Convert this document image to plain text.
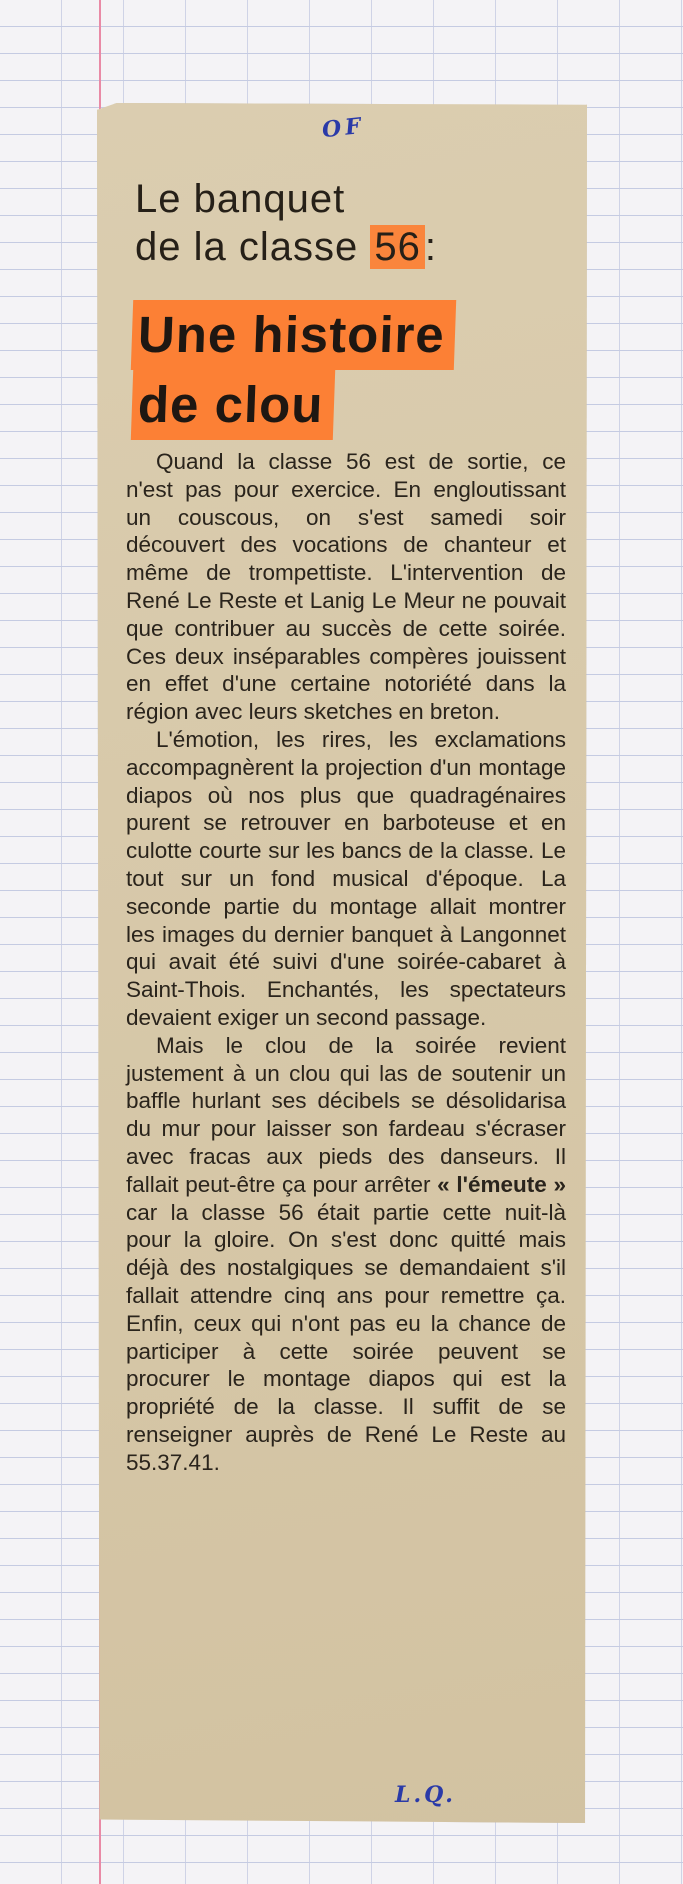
OF
Le banquet
de la classe 56 :
Une histoire
de clou

Quand la classe 56 est de sortie, ce n'est pas pour exercice. En engloutissant un couscous, on s'est samedi soir découvert des vocations de chanteur et même de trompettiste. L'intervention de René Le Reste et Lanig Le Meur ne pouvait que contribuer au succès de cette soirée. Ces deux inséparables compères jouissent en effet d'une certaine notoriété dans la région avec leurs sketches en breton.

L'émotion, les rires, les exclamations accompagnèrent la projection d'un montage diapos où nos plus que quadragénaires purent se retrouver en barboteuse et en culotte courte sur les bancs de la classe. Le tout sur un fond musical d'époque. La seconde partie du montage allait montrer les images du dernier banquet à Langonnet qui avait été suivi d'une soirée-cabaret à Saint-Thois. Enchantés, les spectateurs devaient exiger un second passage.

Mais le clou de la soirée revient justement à un clou qui las de soutenir un baffle hurlant ses décibels se désolidarisa du mur pour laisser son fardeau s'écraser avec fracas aux pieds des danseurs. Il fallait peut-être ça pour arrêter « l'émeute » car la classe 56 était partie cette nuit-là pour la gloire. On s'est donc quitté mais déjà des nostalgiques se demandaient s'il fallait attendre cinq ans pour remettre ça. Enfin, ceux qui n'ont pas eu la chance de participer à cette soirée peuvent se procurer le montage diapos qui est la propriété de la classe. Il suffit de se renseigner auprès de René Le Reste au 55.37.41.

L.Q.
